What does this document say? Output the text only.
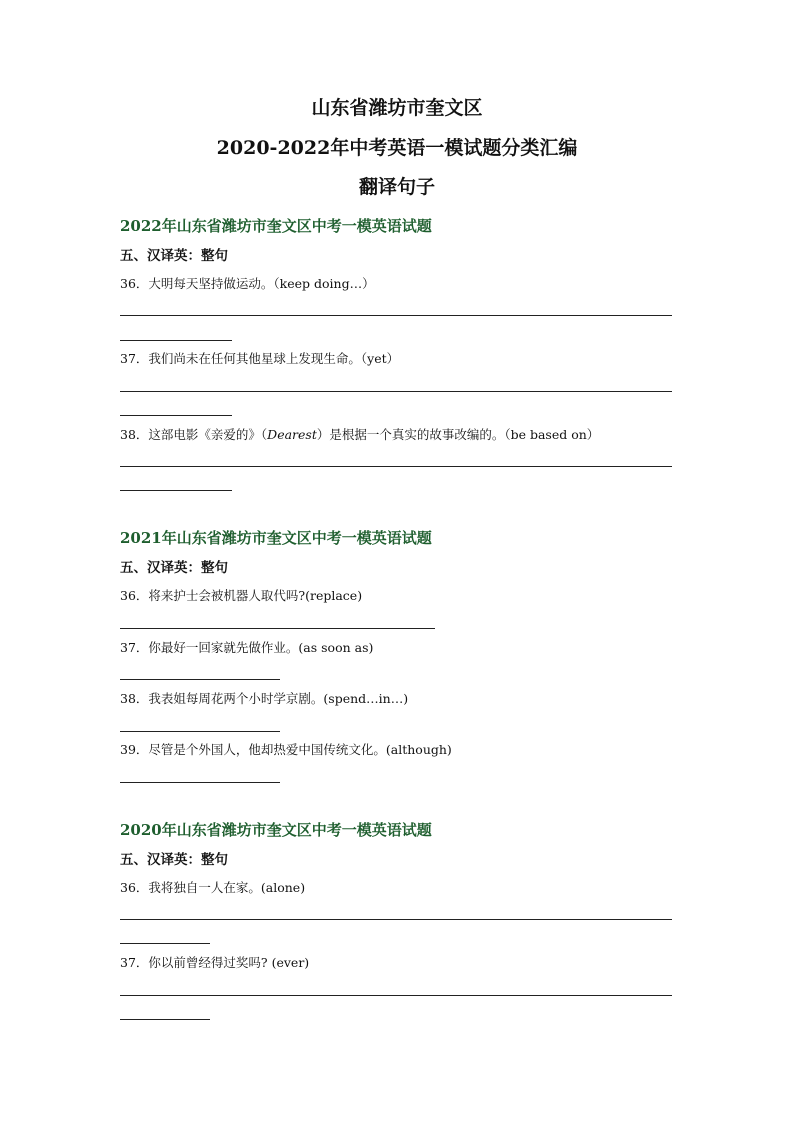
山东省潍坊市奎文区
2020-2022年中考英语一模试题分类汇编
翻译句子
2022年山东省潍坊市奎文区中考一模英语试题
五、汉译英：整句
36．大明每天坚持做运动。（keep doing…）
37．我们尚未在任何其他星球上发现生命。（yet）
38．这部电影《亲爱的》（Dearest）是根据一个真实的故事改编的。（be based on）
2021年山东省潍坊市奎文区中考一模英语试题
五、汉译英：整句
36．将来护士会被机器人取代吗?(replace)
37．你最好一回家就先做作业。(as soon as)
38．我表姐每周花两个小时学京剧。(spend…in…)
39．尽管是个外国人，他却热爱中国传统文化。(although)
2020年山东省潍坊市奎文区中考一模英语试题
五、汉译英：整句
36．我将独自一人在家。(alone)
37．你以前曾经得过奖吗? (ever)
